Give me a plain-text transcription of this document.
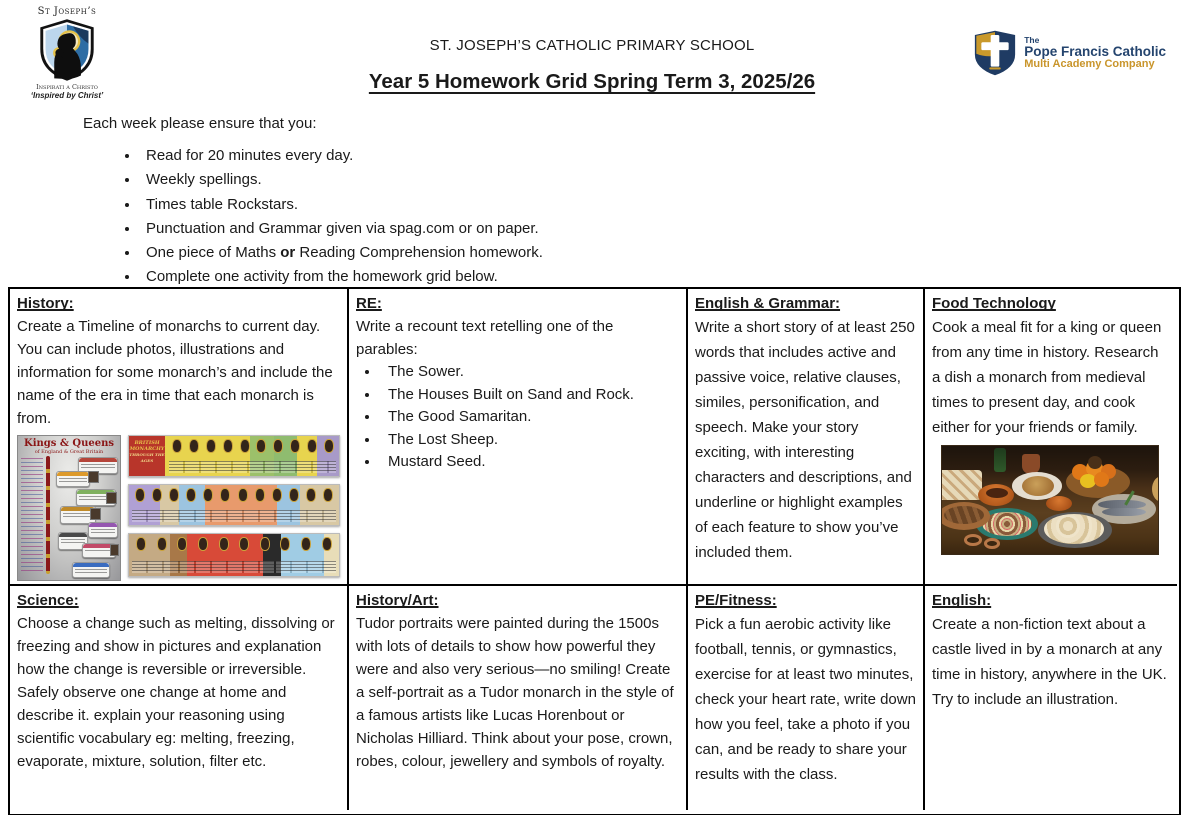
St Joseph’s
Inspirati a Christo
‘Inspired by Christ’
The
Pope Francis Catholic
Multi Academy Company
ST. JOSEPH’S CATHOLIC PRIMARY SCHOOL
Year 5 Homework Grid Spring Term 3, 2025/26

Each week please ensure that you:

• Read for 20 minutes every day.
• Weekly spellings.
• Times table Rockstars.
• Punctuation and Grammar given via spag.com or on paper.
• One piece of Maths or Reading Comprehension homework.
• Complete one activity from the homework grid below.
History:

Create a Timeline of monarchs to current day. You can include photos, illustrations and information for some monarch’s and include the name of the era in time that each monarch is from.

Kings & Queens
of England & Great Britain
BRITISH MONARCHY
THROUGH THE AGES
RE:

Write a recount text retelling one of the parables:

• The Sower.
• The Houses Built on Sand and Rock.
• The Good Samaritan.
• The Lost Sheep.
• Mustard Seed.
English & Grammar:

Write a short story of at least 250 words that includes active and passive voice, relative clauses, similes, personification, and speech. Make your story exciting, with interesting characters and descriptions, and underline or highlight examples of each feature to show you’ve included them.

Food Technology

Cook a meal fit for a king or queen from any time in history. Research a dish a monarch from medieval times to present day, and cook either for your friends or family.

Science:

Choose a change such as melting, dissolving or freezing and show in pictures and explanation how the change is reversible or irreversible. Safely observe one change at home and describe it. explain your reasoning using scientific vocabulary eg: melting, freezing, evaporate, mixture, solution, filter etc.

History/Art:

Tudor portraits were painted during the 1500s with lots of details to show how powerful they were and also very serious—no smiling! Create a self-portrait as a Tudor monarch in the style of a famous artists like Lucas Horenbout or Nicholas Hilliard. Think about your pose, crown, robes, colour, jewellery and symbols of royalty.

PE/Fitness:

Pick a fun aerobic activity like football, tennis, or gymnastics, exercise for at least two minutes, check your heart rate, write down how you feel, take a photo if you can, and be ready to share your results with the class.

English:

Create a non-fiction text about a castle lived in by a monarch at any time in history, anywhere in the UK. Try to include an illustration.
